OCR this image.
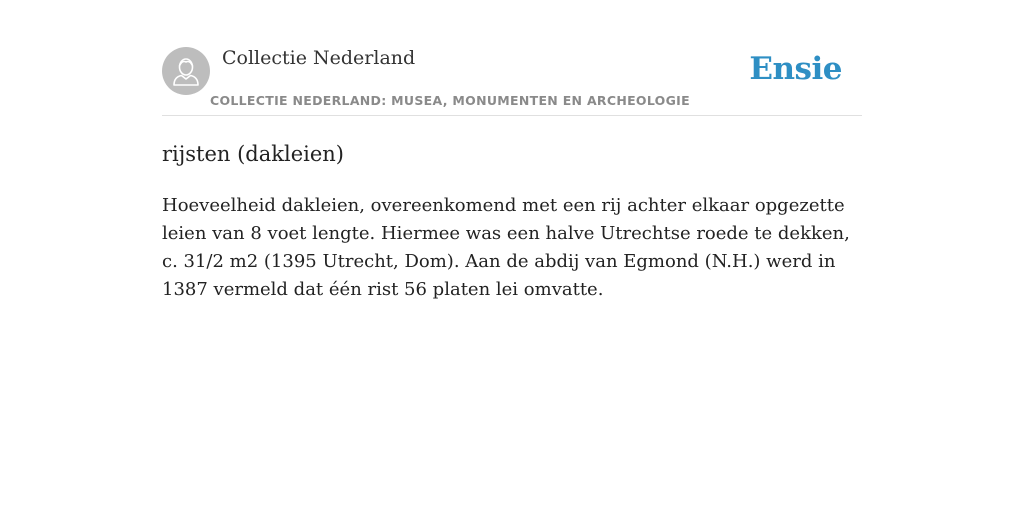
Collectie Nederland
COLLECTIE NEDERLAND: MUSEA, MONUMENTEN EN ARCHEOLOGIE
Ensie
rijsten (dakleien)

Hoeveelheid dakleien, overeenkomend met een rij achter elkaar opgezette leien van 8 voet lengte. Hiermee was een halve Utrechtse roede te dekken, c. 31/2 m2 (1395 Utrecht, Dom). Aan de abdij van Egmond (N.H.) werd in 1387 vermeld dat één rist 56 platen lei omvatte.
